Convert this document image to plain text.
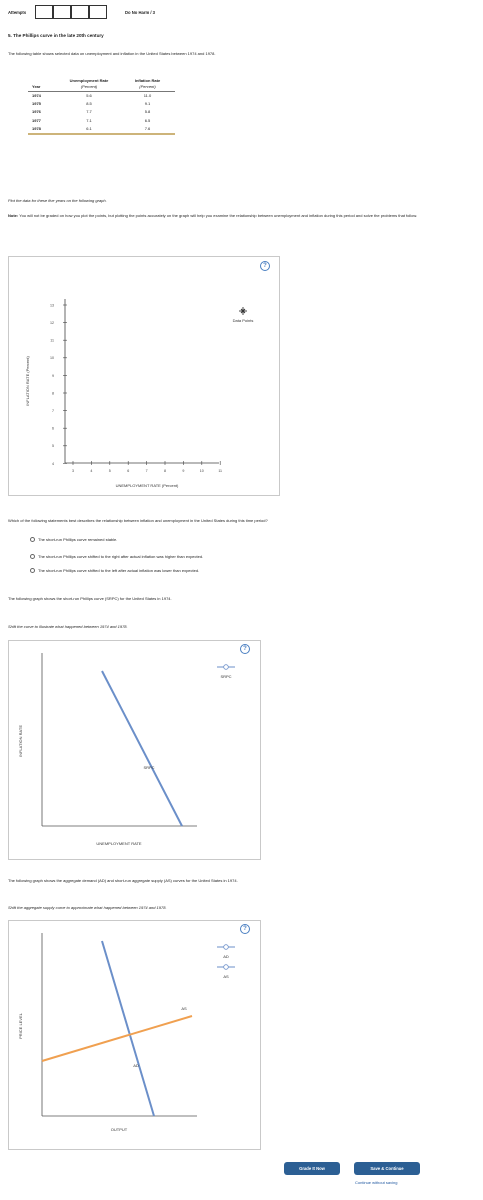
Attempts	Do No Harm / 3
5. The Phillips curve in the late 20th century
The following table shows selected data on unemployment and inflation in the United States between 1974 and 1978.
	Unemployment Rate	Inflation Rate
Year	(Percent)	(Percent)
1974	5.6	11.0
1975	8.5	9.1
1976	7.7	5.8
1977	7.1	6.5
1978	6.1	7.6
Plot the data for these five years on the following graph.
Note: You will not be graded on how you plot the points, but plotting the points accurately on the graph will help you examine the relationship between unemployment and inflation during this period and solve the problems that follow.
?
13
12
11
10
9
8
7
6
5
4
3	4	5	6	7	8	9	10	11
UNEMPLOYMENT RATE (Percent)
INFLATION RATE (Percent)
Data Points
Which of the following statements best describes the relationship between inflation and unemployment in the United States during this time period?
The short-run Phillips curve remained stable.
The short-run Phillips curve shifted to the right after actual inflation was higher than expected.
The short-run Phillips curve shifted to the left after actual inflation was lower than expected.
The following graph shows the short-run Phillips curve (SRPC) for the United States in 1974.
Shift the curve to illustrate what happened between 1974 and 1978.
?
SRPC
UNEMPLOYMENT RATE
INFLATION RATE
SRPC
The following graph shows the aggregate demand (AD) and short-run aggregate supply (AS) curves for the United States in 1974.
Shift the aggregate supply curve to approximate what happened between 1974 and 1978.
?
AD
AS
OUTPUT
PRICE LEVEL
AD
AS
Grade It Now	Save & Continue
Continue without saving
